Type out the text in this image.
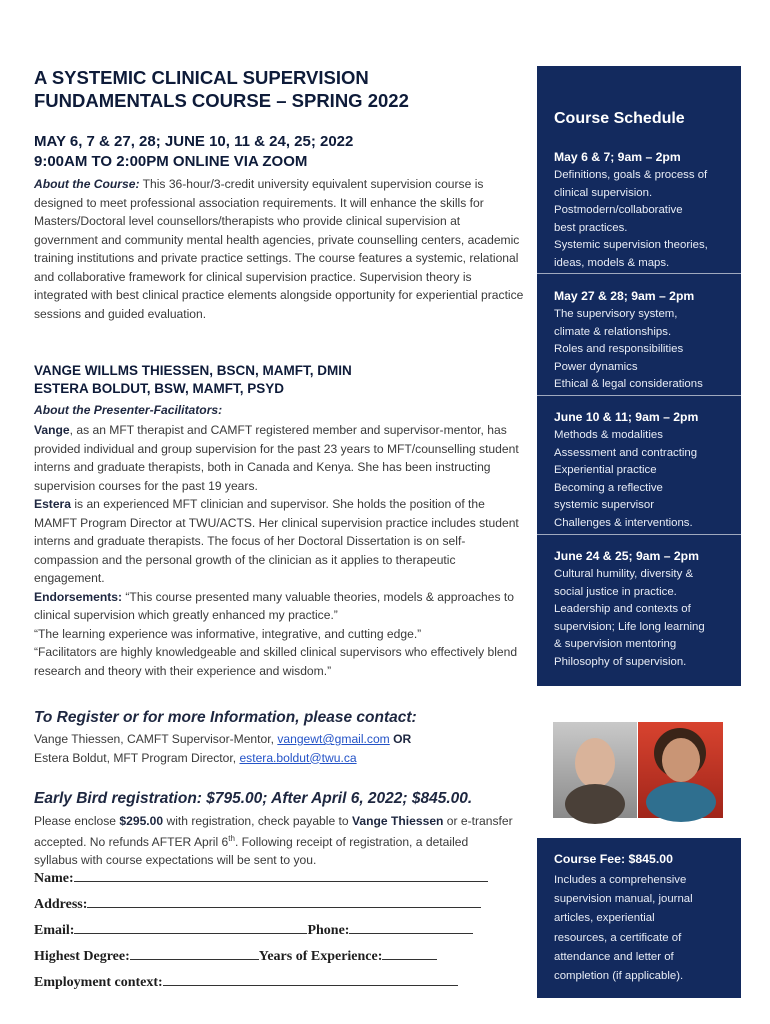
A SYSTEMIC CLINICAL SUPERVISION
FUNDAMENTALS COURSE – SPRING 2022
MAY 6, 7 & 27, 28; JUNE 10, 11 & 24, 25; 2022
9:00AM TO 2:00PM ONLINE VIA ZOOM
About the Course: This 36-hour/3-credit university equivalent supervision course is designed to meet professional association requirements. It will enhance the skills for Masters/Doctoral level counsellors/therapists who provide clinical supervision at government and community mental health agencies, private counselling centers, academic training institutions and private practice settings. The course features a systemic, relational and collaborative framework for clinical supervision practice. Supervision theory is integrated with best clinical practice elements alongside opportunity for experiential practice sessions and guided evaluation.
VANGE WILLMS THIESSEN, BSCN, MAMFT, DMIN
ESTERA BOLDUT, BSW, MAMFT, PSYD
About the Presenter-Facilitators:
Vange, as an MFT therapist and CAMFT registered member and supervisor-mentor, has provided individual and group supervision for the past 23 years to MFT/counselling student interns and graduate therapists, both in Canada and Kenya. She has been instructing supervision courses for the past 19 years.
Estera is an experienced MFT clinician and supervisor. She holds the position of the MAMFT Program Director at TWU/ACTS. Her clinical supervision practice includes student interns and graduate therapists. The focus of her Doctoral Dissertation is on self-compassion and the personal growth of the clinician as it applies to therapeutic engagement.
Endorsements: “This course presented many valuable theories, models & approaches to clinical supervision which greatly enhanced my practice.”
“The learning experience was informative, integrative, and cutting edge.”
“Facilitators are highly knowledgeable and skilled clinical supervisors who effectively blend research and theory with their experience and wisdom.”
To Register or for more Information, please contact:
Vange Thiessen, CAMFT Supervisor-Mentor, vangewt@gmail.com OR
Estera Boldut, MFT Program Director, estera.boldut@twu.ca
Early Bird registration: $795.00; After April 6, 2022; $845.00.
Please enclose $295.00 with registration, check payable to Vange Thiessen or e-transfer accepted. No refunds AFTER April 6th. Following receipt of registration, a detailed syllabus with course expectations will be sent to you.
Name:
Address:
Email:	Phone:
Highest Degree:	Years of Experience:
Employment context:
Course Schedule
May 6 & 7; 9am – 2pm
Definitions, goals & process of
clinical supervision.
Postmodern/collaborative
best practices.
Systemic supervision theories,
ideas, models & maps.
May 27 & 28; 9am – 2pm
The supervisory system,
climate & relationships.
Roles and responsibilities
Power dynamics
Ethical & legal considerations
June 10 & 11; 9am – 2pm
Methods & modalities
Assessment and contracting
Experiential practice
Becoming a reflective
systemic supervisor
Challenges & interventions.
June 24 & 25; 9am – 2pm
Cultural humility, diversity &
social justice in practice.
Leadership and contexts of
supervision; Life long learning
& supervision mentoring
Philosophy of supervision.
Course Fee: $845.00
Includes a comprehensive
supervision manual, journal
articles, experiential
resources, a certificate of
attendance and letter of
completion (if applicable).
